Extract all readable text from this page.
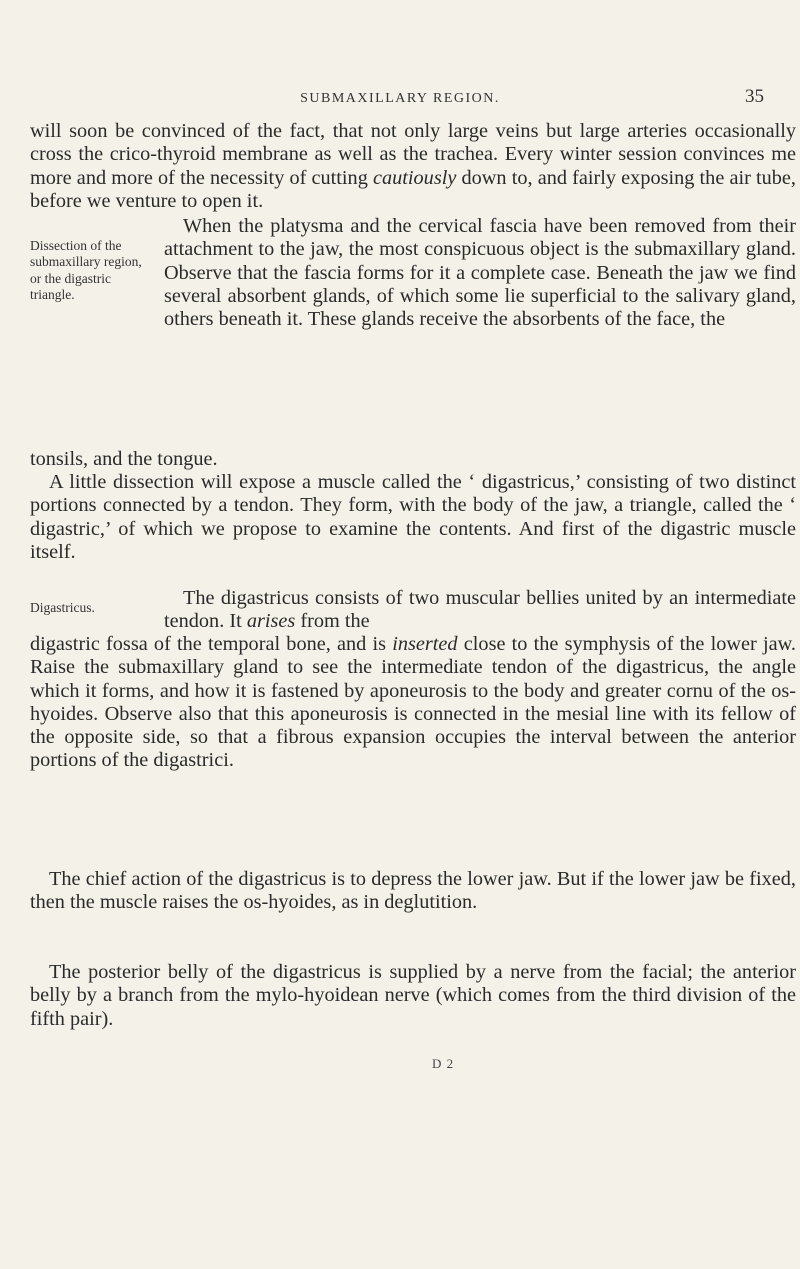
SUBMAXILLARY REGION.	35

will soon be convinced of the fact, that not only large veins but large arteries occasionally cross the crico-thyroid membrane as well as the trachea. Every winter session convinces me more and more of the necessity of cutting cautiously down to, and fairly exposing the air tube, before we venture to open it.

Dissection of the submaxillary region, or the digastric triangle.

When the platysma and the cervical fascia have been removed from their attachment to the jaw, the most conspicuous object is the submaxillary gland. Observe that the fascia forms for it a complete case. Beneath the jaw we find several absorbent glands, of which some lie superficial to the salivary gland, others beneath it. These glands receive the absorbents of the face, the

tonsils, and the tongue.

A little dissection will expose a muscle called the ‘ digastricus,’ consisting of two distinct portions connected by a tendon. They form, with the body of the jaw, a triangle, called the ‘ digastric,’ of which we propose to examine the contents. And first of the digastric muscle itself.

Digastricus.	The digastricus consists of two muscular bellies united by an intermediate tendon. It arises from the

digastric fossa of the temporal bone, and is inserted close to the symphysis of the lower jaw. Raise the submaxillary gland to see the intermediate tendon of the digastricus, the angle which it forms, and how it is fastened by aponeurosis to the body and greater cornu of the os-hyoides. Observe also that this aponeurosis is connected in the mesial line with its fellow of the opposite side, so that a fibrous expansion occupies the interval between the anterior portions of the digastrici.

The chief action of the digastricus is to depress the lower jaw. But if the lower jaw be fixed, then the muscle raises the os-hyoides, as in deglutition.

The posterior belly of the digastricus is supplied by a nerve from the facial; the anterior belly by a branch from the mylo-hyoidean nerve (which comes from the third division of the fifth pair).

D 2
